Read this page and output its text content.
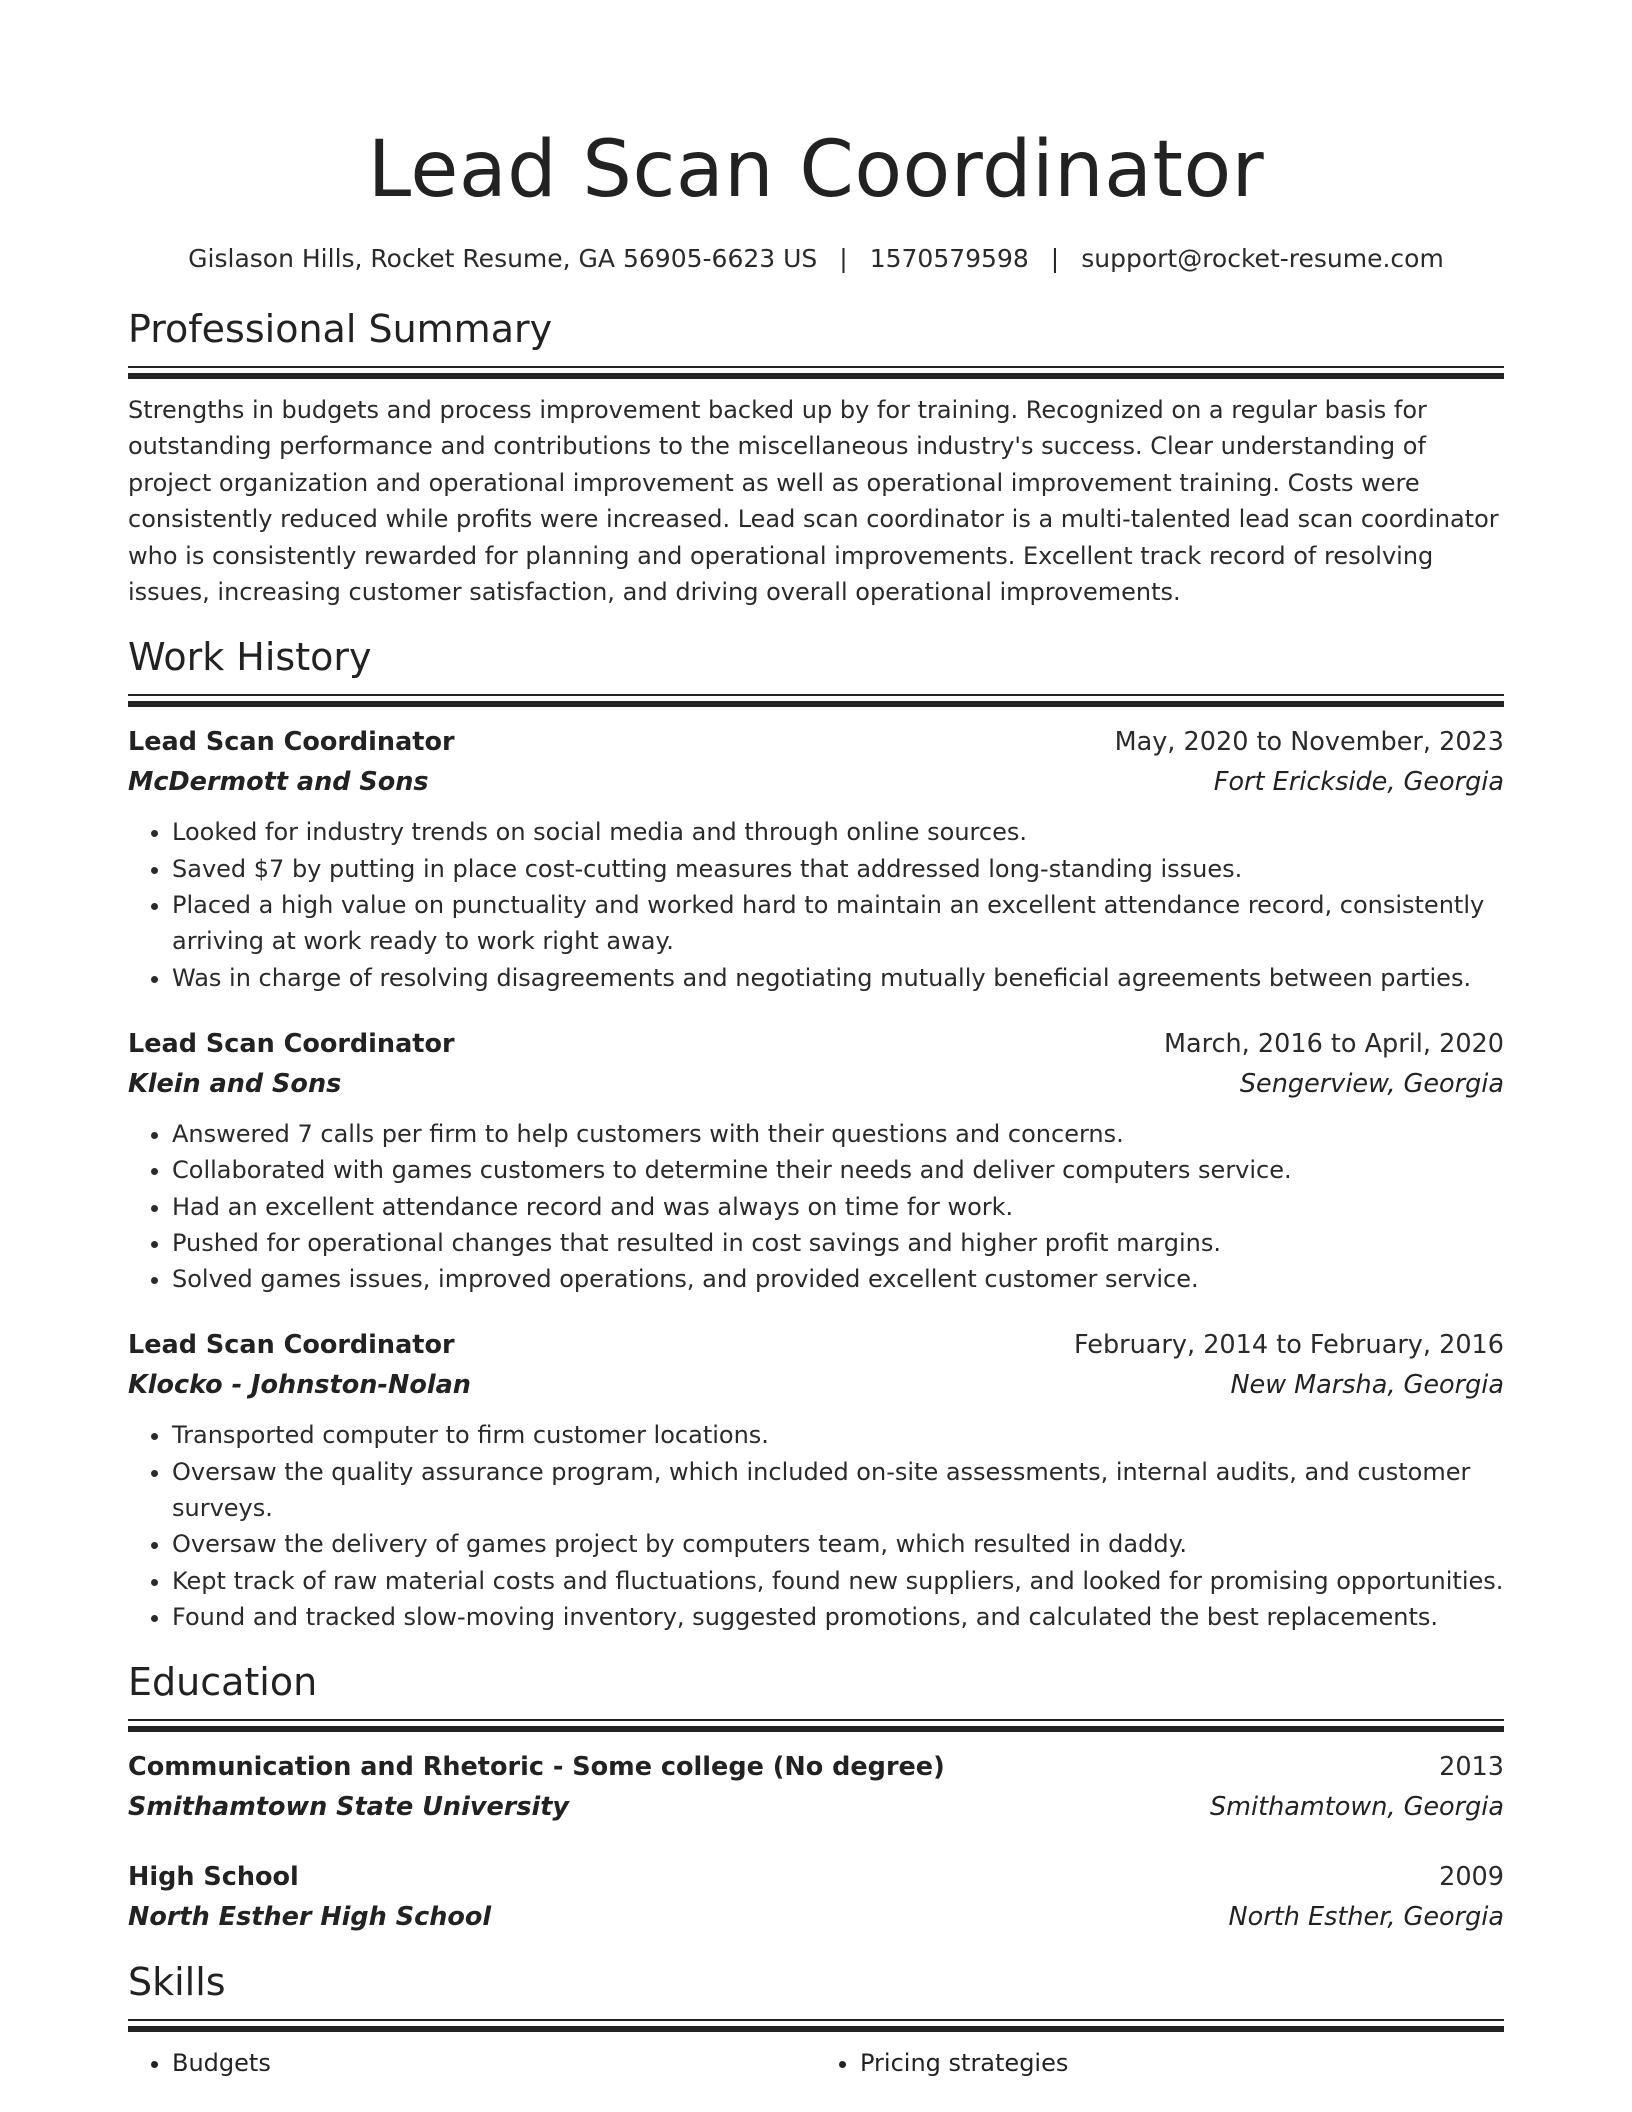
Lead Scan Coordinator
Gislason Hills, Rocket Resume, GA 56905-6623 US | 1570579598 | support@rocket-resume.com
Professional Summary
Strengths in budgets and process improvement backed up by for training. Recognized on a regular basis for outstanding performance and contributions to the miscellaneous industry's success. Clear understanding of project organization and operational improvement as well as operational improvement training. Costs were consistently reduced while profits were increased. Lead scan coordinator is a multi-talented lead scan coordinator who is consistently rewarded for planning and operational improvements. Excellent track record of resolving issues, increasing customer satisfaction, and driving overall operational improvements.
Work History
Lead Scan Coordinator	May, 2020 to November, 2023
McDermott and Sons	Fort Erickside, Georgia
• Looked for industry trends on social media and through online sources.
• Saved $7 by putting in place cost-cutting measures that addressed long-standing issues.
• Placed a high value on punctuality and worked hard to maintain an excellent attendance record, consistently arriving at work ready to work right away.
• Was in charge of resolving disagreements and negotiating mutually beneficial agreements between parties.
Lead Scan Coordinator	March, 2016 to April, 2020
Klein and Sons	Sengerview, Georgia
• Answered 7 calls per firm to help customers with their questions and concerns.
• Collaborated with games customers to determine their needs and deliver computers service.
• Had an excellent attendance record and was always on time for work.
• Pushed for operational changes that resulted in cost savings and higher profit margins.
• Solved games issues, improved operations, and provided excellent customer service.
Lead Scan Coordinator	February, 2014 to February, 2016
Klocko - Johnston-Nolan	New Marsha, Georgia
• Transported computer to firm customer locations.
• Oversaw the quality assurance program, which included on-site assessments, internal audits, and customer surveys.
• Oversaw the delivery of games project by computers team, which resulted in daddy.
• Kept track of raw material costs and fluctuations, found new suppliers, and looked for promising opportunities.
• Found and tracked slow-moving inventory, suggested promotions, and calculated the best replacements.
Education
Communication and Rhetoric - Some college (No degree)	2013
Smithamtown State University	Smithamtown, Georgia
High School	2009
North Esther High School	North Esther, Georgia
Skills
• Budgets
•	Pricing strategies
